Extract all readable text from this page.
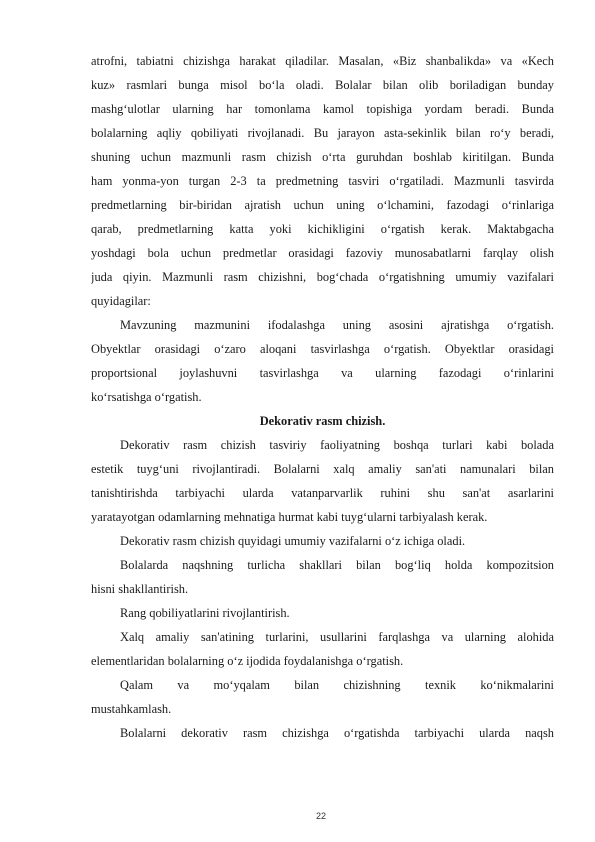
atrofni, tabiatni chizishga harakat qiladilar. Masalan, «Biz shanbalikda» va «Kech
kuz» rasmlari bunga misol bo‘la oladi. Bolalar bilan olib boriladigan bunday
mashg‘ulotlar ularning har tomonlama kamol topishiga yordam beradi. Bunda
bolalarning aqliy qobiliyati rivojlanadi. Bu jarayon asta-sekinlik bilan ro‘y beradi,
shuning uchun mazmunli rasm chizish o‘rta guruhdan boshlab kiritilgan. Bunda
ham yonma-yon turgan 2-3 ta predmetning tasviri o‘rgatiladi. Mazmunli tasvirda
predmetlarning bir-biridan ajratish uchun uning o‘lchamini, fazodagi o‘rinlariga
qarab, predmetlarning katta yoki kichikligini o‘rgatish kerak. Maktabgacha
yoshdagi bola uchun predmetlar orasidagi fazoviy munosabatlarni farqlay olish
juda qiyin. Mazmunli rasm chizishni, bog‘chada o‘rgatishning umumiy vazifalari
quyidagilar:
Mavzuning mazmunini ifodalashga uning asosini ajratishga o‘rgatish.
Obyektlar orasidagi o‘zaro aloqani tasvirlashga o‘rgatish. Obyektlar orasidagi
proportsional joylashuvni tasvirlashga va ularning fazodagi o‘rinlarini
ko‘rsatishga o‘rgatish.
Dekorativ rasm chizish.
Dekorativ rasm chizish tasviriy faoliyatning boshqa turlari kabi bolada
estetik tuyg‘uni rivojlantiradi. Bolalarni xalq amaliy san'ati namunalari bilan
tanishtirishda tarbiyachi ularda vatanparvarlik ruhini shu san'at asarlarini
yaratayotgan odamlarning mehnatiga hurmat kabi tuyg‘ularni tarbiyalash kerak.
Dekorativ rasm chizish quyidagi umumiy vazifalarni o‘z ichiga oladi.
Bolalarda naqshning turlicha shakllari bilan bog‘liq holda kompozitsion
hisni shakllantirish.
Rang qobiliyatlarini rivojlantirish.
Xalq amaliy san'atining turlarini, usullarini farqlashga va ularning alohida
elementlaridan bolalarning o‘z ijodida foydalanishga o‘rgatish.
Qalam va mo‘yqalam bilan chizishning texnik ko‘nikmalarini
mustahkamlash.
Bolalarni dekorativ rasm chizishga o‘rgatishda tarbiyachi ularda naqsh
22
